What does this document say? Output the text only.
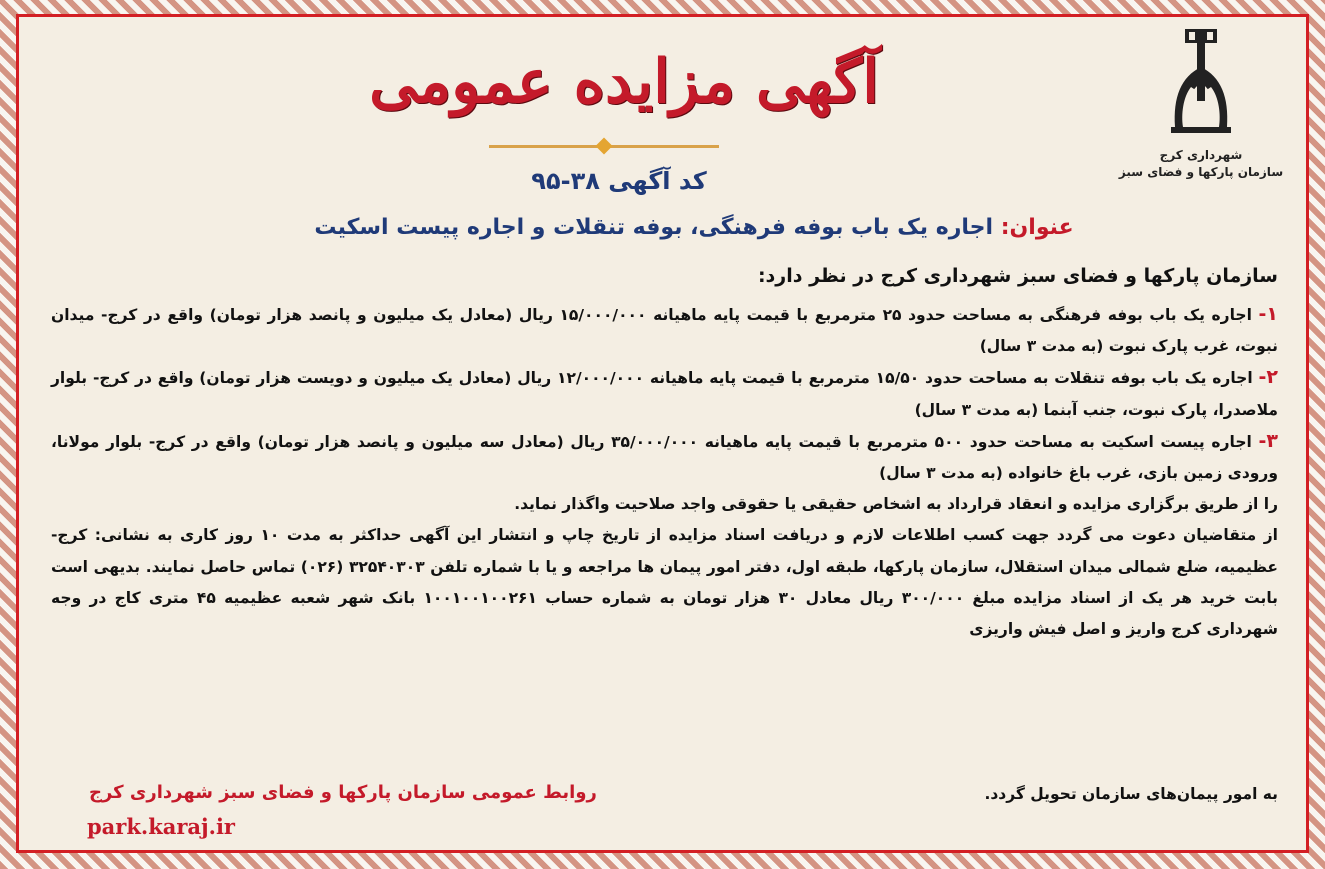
شهرداری کرج
سازمان پارکها و فضای سبز
آگهی مزایده عمومی
کد آگهی ۳۸-۹۵
عنوان: اجاره یک باب بوفه فرهنگی، بوفه تنقلات و اجاره پیست اسکیت
سازمان پارکها و فضای سبز شهرداری کرج در نظر دارد:

۱- اجاره یک باب بوفه فرهنگی به مساحت حدود ۲۵ مترمربع با قیمت پایه ماهیانه ۱۵/۰۰۰/۰۰۰ ریال (معادل یک میلیون و پانصد هزار تومان) واقع در کرج- میدان نبوت، غرب پارک نبوت (به مدت ۳ سال)

۲- اجاره یک باب بوفه تنقلات به مساحت حدود ۱۵/۵۰ مترمربع با قیمت پایه ماهیانه ۱۲/۰۰۰/۰۰۰ ریال (معادل یک میلیون و دویست هزار تومان) واقع در کرج- بلوار ملاصدرا، پارک نبوت، جنب آبنما (به مدت ۳ سال)

۳- اجاره پیست اسکیت به مساحت حدود ۵۰۰ مترمربع با قیمت پایه ماهیانه ۳۵/۰۰۰/۰۰۰ ریال (معادل سه میلیون و پانصد هزار تومان) واقع در کرج- بلوار مولانا، ورودی زمین بازی، غرب باغ خانواده (به مدت ۳ سال)

را از طریق برگزاری مزایده و انعقاد قرارداد به اشخاص حقیقی یا حقوقی واجد صلاحیت واگذار نماید.

از متقاضیان دعوت می گردد جهت کسب اطلاعات لازم و دریافت اسناد مزایده از تاریخ چاپ و انتشار این آگهی حداکثر به مدت ۱۰ روز کاری به نشانی: کرج- عظیمیه، ضلع شمالی میدان استقلال، سازمان پارکها، طبقه اول، دفتر امور پیمان ها مراجعه و یا با شماره تلفن ۳۲۵۴۰۳۰۳ (۰۲۶) تماس حاصل نمایند. بدیهی است بابت خرید هر یک از اسناد مزایده مبلغ ۳۰۰/۰۰۰ ریال معادل ۳۰ هزار تومان به شماره حساب ۱۰۰۱۰۰۱۰۰۲۶۱ بانک شهر شعبه عظیمیه ۴۵ متری کاج در وجه شهرداری کرج واریز و اصل فیش واریزی

به امور پیمان‌های سازمان تحویل گردد.
روابط عمومی سازمان پارکها و فضای سبز شهرداری کرج
park.karaj.ir
